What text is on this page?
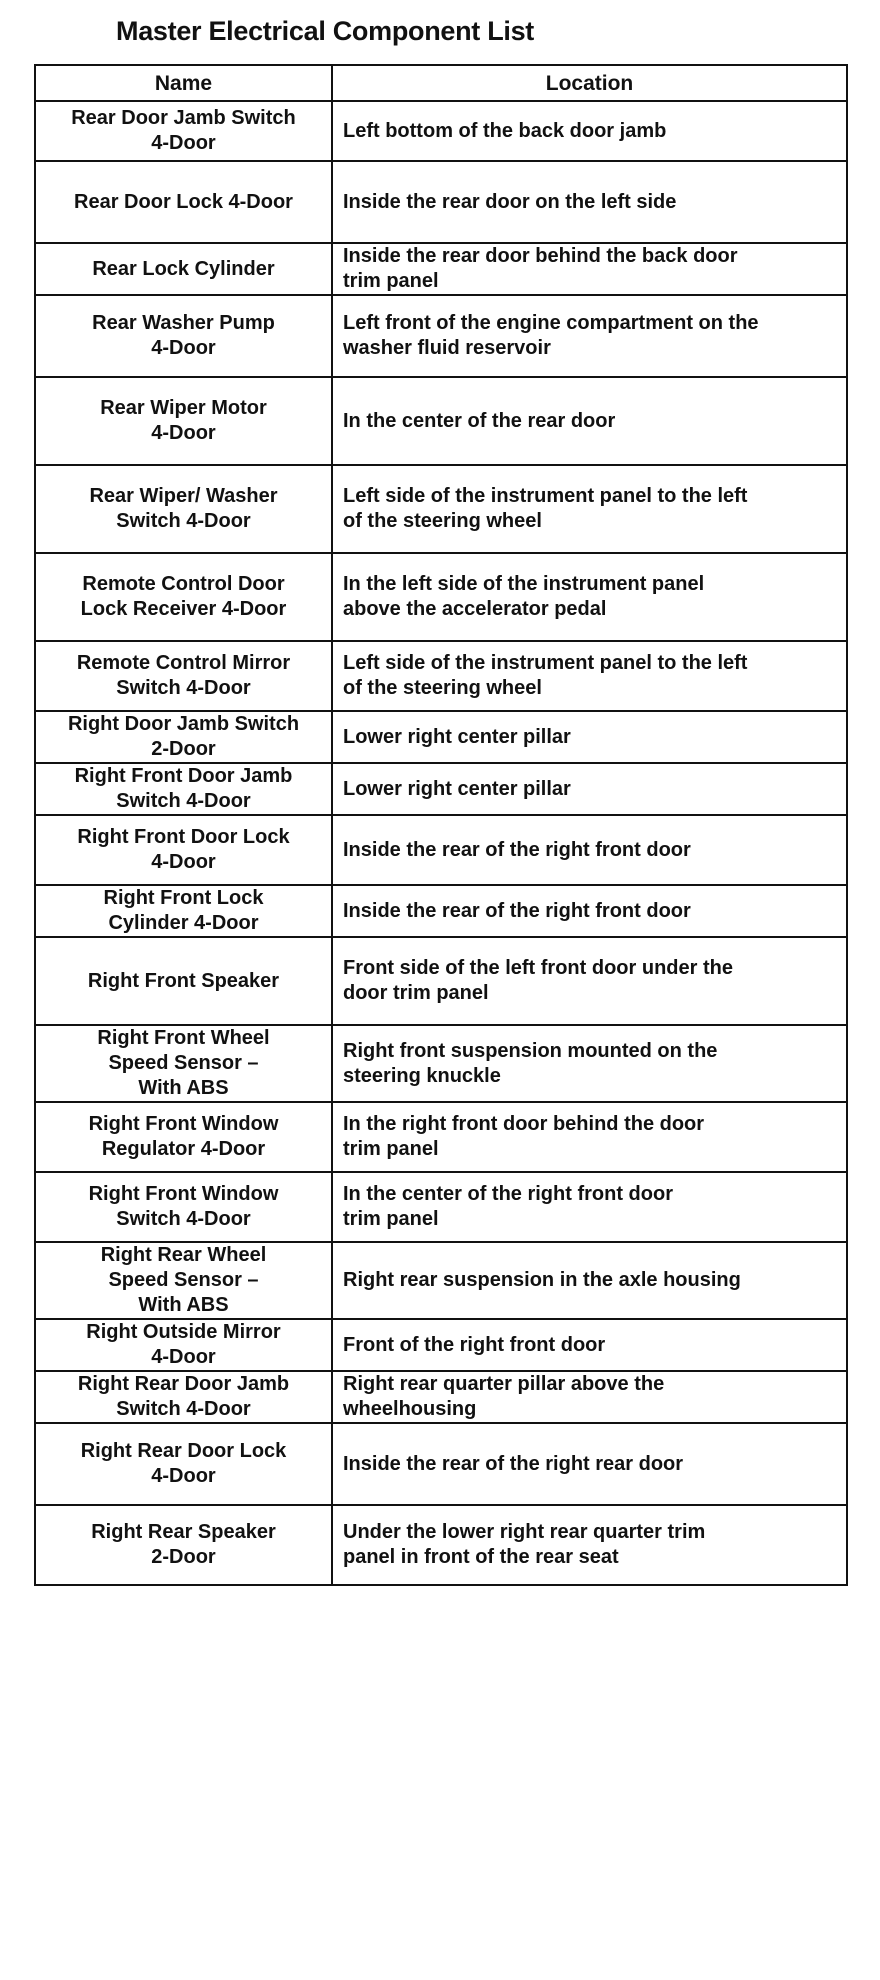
Master Electrical Component List
Name	Location

Rear Door Jamb Switch
4-Door	Left bottom of the back door jamb

Rear Door Lock 4-Door	Inside the rear door on the left side

Rear Lock Cylinder	Inside the rear door behind the back door
trim panel

Rear Washer Pump
4-Door	Left front of the engine compartment on the
washer fluid reservoir

Rear Wiper Motor
4-Door	In the center of the rear door

Rear Wiper/ Washer
Switch 4-Door	Left side of the instrument panel to the left
of the steering wheel

Remote Control Door
Lock Receiver 4-Door	In the left side of the instrument panel
above the accelerator pedal

Remote Control Mirror
Switch 4-Door	Left side of the instrument panel to the left
of the steering wheel

Right Door Jamb Switch
2-Door	Lower right center pillar

Right Front Door Jamb
Switch 4-Door	Lower right center pillar

Right Front Door Lock
4-Door	Inside the rear of the right front door

Right Front Lock
Cylinder 4-Door	Inside the rear of the right front door

Right Front Speaker	Front side of the left front door under the
door trim panel

Right Front Wheel
Speed Sensor –
With ABS	Right front suspension mounted on the
steering knuckle

Right Front Window
Regulator 4-Door	In the right front door behind the door
trim panel

Right Front Window
Switch 4-Door	In the center of the right front door
trim panel

Right Rear Wheel
Speed Sensor –
With ABS	Right rear suspension in the axle housing

Right Outside Mirror
4-Door	Front of the right front door

Right Rear Door Jamb
Switch 4-Door	Right rear quarter pillar above the
wheelhousing

Right Rear Door Lock
4-Door	Inside the rear of the right rear door

Right Rear Speaker
2-Door	Under the lower right rear quarter trim
panel in front of the rear seat
